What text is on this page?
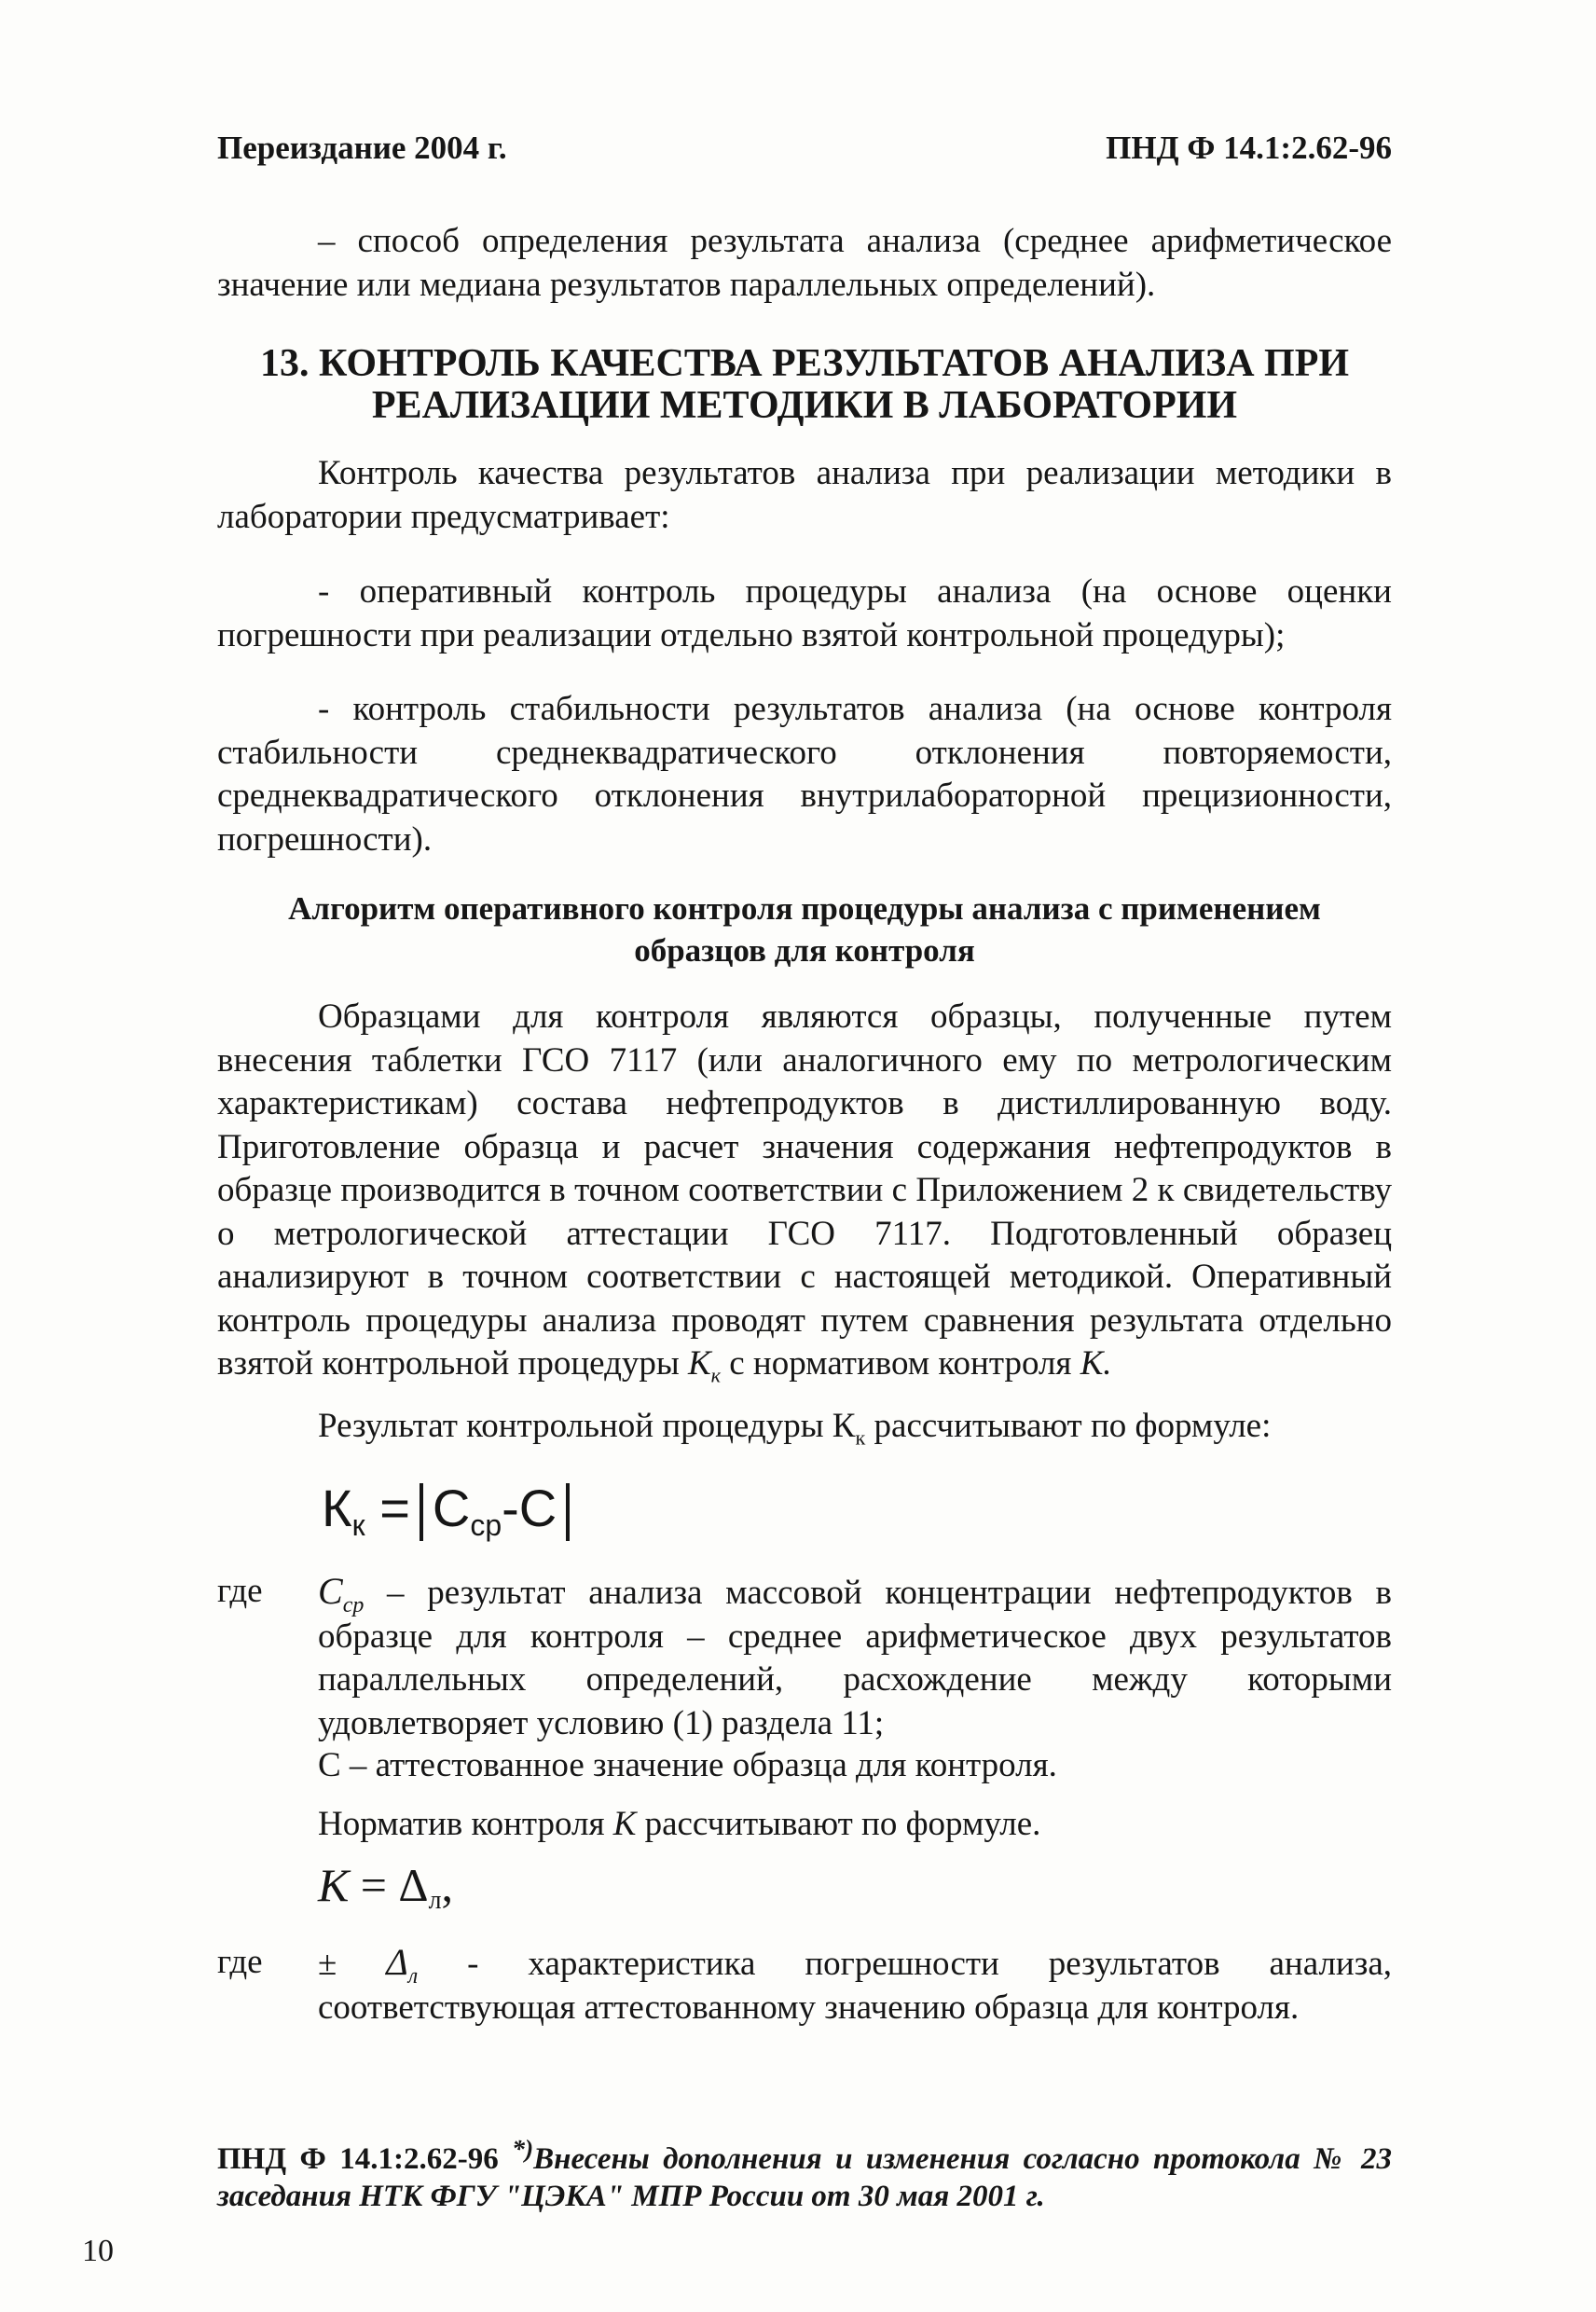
Переиздание 2004 г.	ПНД Ф 14.1:2.62-96

– способ определения результата анализа (среднее арифметическое значение или медиана результатов параллельных определений).

13. КОНТРОЛЬ КАЧЕСТВА РЕЗУЛЬТАТОВ АНАЛИЗА ПРИ
РЕАЛИЗАЦИИ МЕТОДИКИ В ЛАБОРАТОРИИ

Контроль качества результатов анализа при реализации методики в лаборатории предусматривает:

- оперативный контроль процедуры анализа (на основе оценки погрешности при реализации отдельно взятой контрольной процедуры);

- контроль стабильности результатов анализа (на основе контроля стабильности среднеквадратического отклонения повторяемости, среднеквадратического отклонения внутрилабораторной прецизионности, погрешности).

Алгоритм оперативного контроля процедуры анализа с применением
образцов для контроля

Образцами для контроля являются образцы, полученные путем внесения таблетки ГСО 7117 (или аналогичного ему по метрологическим характеристикам) состава нефтепродуктов в дистиллированную воду. Приготовление образца и расчет значения содержания нефтепродуктов в образце производится в точном соответствии с Приложением 2 к свидетельству о метрологической аттестации ГСО 7117. Подготовленный образец анализируют в точном соответствии с настоящей методикой. Оперативный контроль процедуры анализа проводят путем сравнения результата отдельно взятой контрольной процедуры $К_к$ с нормативом контроля К.

Результат контрольной процедуры $К_к$ рассчитывают по формуле:

$К_к = С_{ср}-С$
где $С_{ср}$ – результат анализа массовой концентрации нефтепродуктов в образце для контроля – среднее арифметическое двух результатов параллельных определений, расхождение между которыми удовлетворяет условию (1) раздела 11;

С – аттестованное значение образца для контроля.

Норматив контроля К рассчитывают по формуле.

$К = \Delta_л$,
где ± $\Delta_л$ - характеристика погрешности результатов анализа, соответствующая аттестованному значению образца для контроля.
ПНД Ф 14.1:2.62-96 *)Внесены дополнения и изменения согласно протокола № 23 заседания НТК ФГУ "ЦЭКА" МПР России от 30 мая 2001 г.
10
